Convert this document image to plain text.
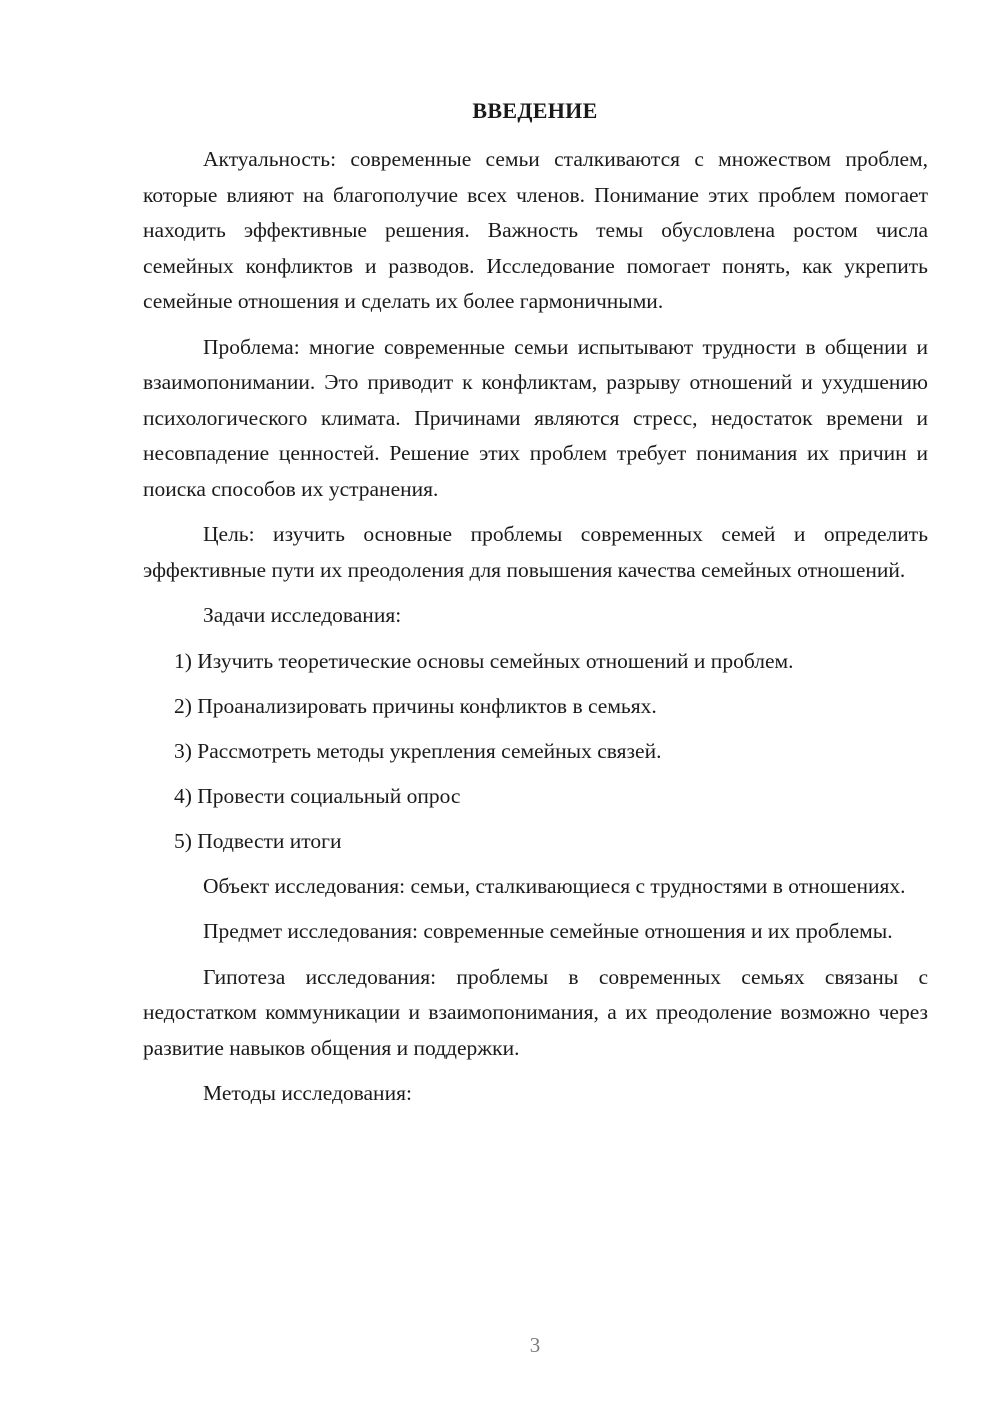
ВВЕДЕНИЕ

Актуальность: современные семьи сталкиваются с множеством проблем, которые влияют на благополучие всех членов. Понимание этих проблем помогает находить эффективные решения. Важность темы обусловлена ростом числа семейных конфликтов и разводов. Исследование помогает понять, как укрепить семейные отношения и сделать их более гармоничными.

Проблема: многие современные семьи испытывают трудности в общении и взаимопонимании. Это приводит к конфликтам, разрыву отношений и ухудшению психологического климата. Причинами являются стресс, недостаток времени и несовпадение ценностей. Решение этих проблем требует понимания их причин и поиска способов их устранения.

Цель: изучить основные проблемы современных семей и определить эффективные пути их преодоления для повышения качества семейных отношений.

Задачи исследования:

1) Изучить теоретические основы семейных отношений и проблем.
2) Проанализировать причины конфликтов в семьях.
3) Рассмотреть методы укрепления семейных связей.
4) Провести социальный опрос
5) Подвести итоги

Объект исследования: семьи, сталкивающиеся с трудностями в отношениях.

Предмет исследования: современные семейные отношения и их проблемы.

Гипотеза исследования: проблемы в современных семьях связаны с недостатком коммуникации и взаимопонимания, а их преодоление возможно через развитие навыков общения и поддержки.

Методы исследования:

3
